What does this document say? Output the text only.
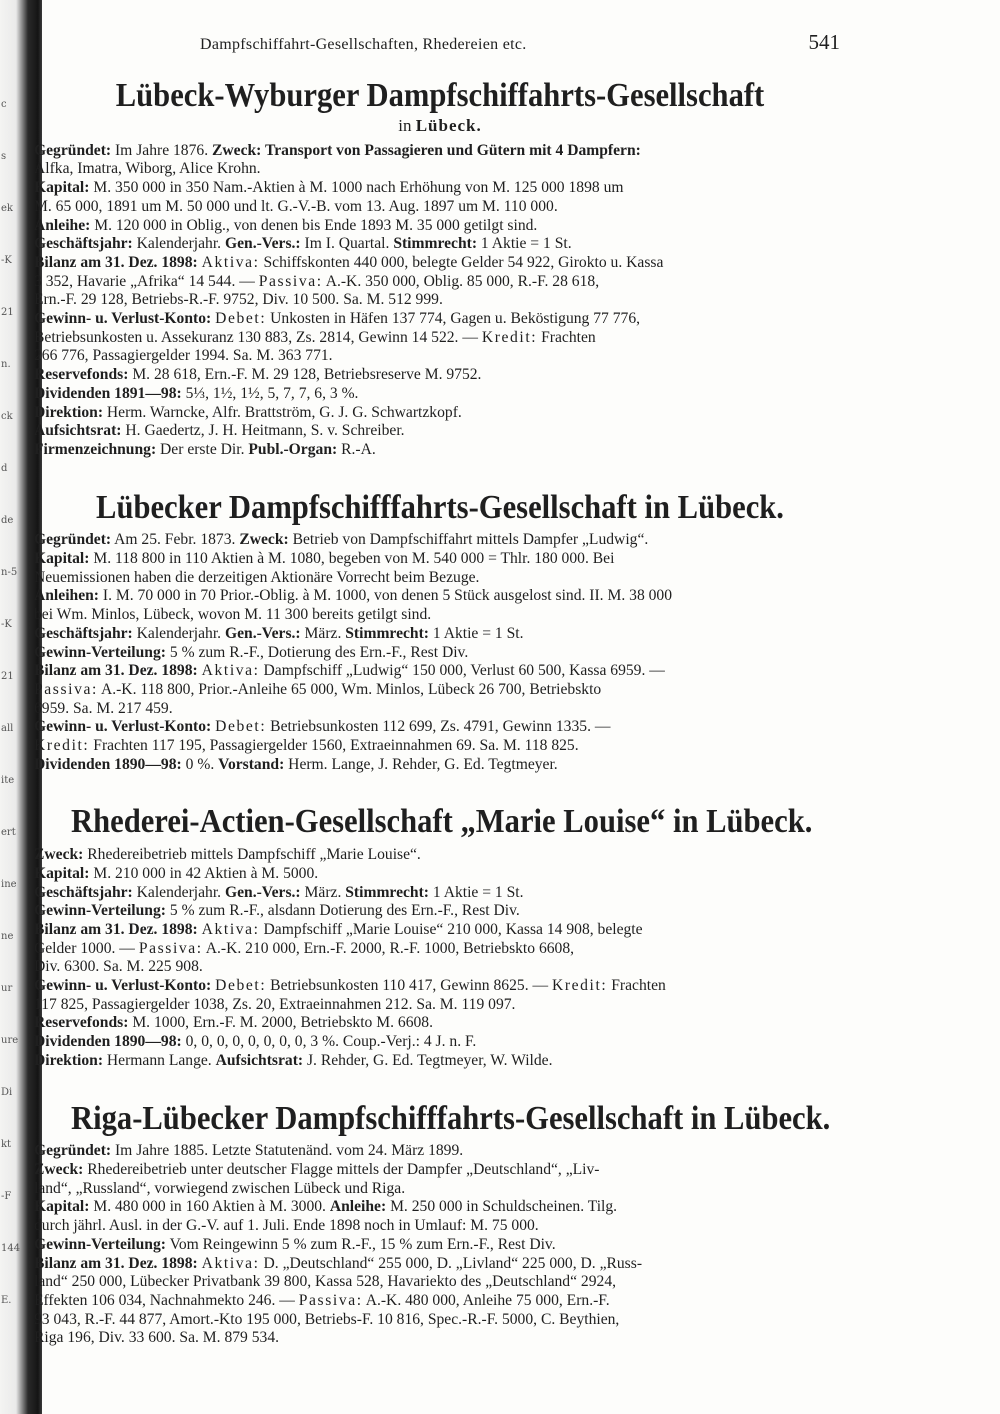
c
s
ek
-K
21
n.
ck
d
de
n-5
-K
21
all
ite
ert
ine
ne
ur
ure
Di
kt
-F
144
E.
Dampfschiffahrt-Gesellschaften, Rhedereien etc.	541
Lübeck-Wyburger Dampfschiffahrts-Gesellschaft
in Lübeck.
Gegründet: Im Jahre 1876. Zweck: Transport von Passagieren und Gütern mit 4 Dampfern:
Alfka, Imatra, Wiborg, Alice Krohn.
Kapital: M. 350 000 in 350 Nam.-Aktien à M. 1000 nach Erhöhung von M. 125 000 1898 um
M. 65 000, 1891 um M. 50 000 und lt. G.-V.-B. vom 13. Aug. 1897 um M. 110 000.
Anleihe: M. 120 000 in Oblig., von denen bis Ende 1893 M. 35 000 getilgt sind.
Geschäftsjahr: Kalenderjahr. Gen.-Vers.: Im I. Quartal. Stimmrecht: 1 Aktie = 1 St.
Bilanz am 31. Dez. 1898: Aktiva: Schiffskonten 440 000, belegte Gelder 54 922, Girokto u. Kassa
3 352, Havarie „Afrika“ 14 544. — Passiva: A.-K. 350 000, Oblig. 85 000, R.-F. 28 618,
Ern.-F. 29 128, Betriebs-R.-F. 9752, Div. 10 500. Sa. M. 512 999.
Gewinn- u. Verlust-Konto: Debet: Unkosten in Häfen 137 774, Gagen u. Beköstigung 77 776,
Betriebsunkosten u. Assekuranz 130 883, Zs. 2814, Gewinn 14 522. — Kredit: Frachten
266 776, Passagiergelder 1994. Sa. M. 363 771.
Reservefonds: M. 28 618, Ern.-F. M. 29 128, Betriebsreserve M. 9752.
Dividenden 1891—98: 5⅓, 1½, 1½, 5, 7, 7, 6, 3 %.
Direktion: Herm. Warncke, Alfr. Brattström, G. J. G. Schwartzkopf.
Aufsichtsrat: H. Gaedertz, J. H. Heitmann, S. v. Schreiber.
Firmenzeichnung: Der erste Dir. Publ.-Organ: R.-A.
Lübecker Dampfschifffahrts-Gesellschaft in Lübeck.
Gegründet: Am 25. Febr. 1873. Zweck: Betrieb von Dampfschiffahrt mittels Dampfer „Ludwig“.
Kapital: M. 118 800 in 110 Aktien à M. 1080, begeben von M. 540 000 = Thlr. 180 000. Bei
Neuemissionen haben die derzeitigen Aktionäre Vorrecht beim Bezuge.
Anleihen: I. M. 70 000 in 70 Prior.-Oblig. à M. 1000, von denen 5 Stück ausgelost sind. II. M. 38 000
bei Wm. Minlos, Lübeck, wovon M. 11 300 bereits getilgt sind.
Geschäftsjahr: Kalenderjahr. Gen.-Vers.: März. Stimmrecht: 1 Aktie = 1 St.
Gewinn-Verteilung: 5 % zum R.-F., Dotierung des Ern.-F., Rest Div.
Bilanz am 31. Dez. 1898: Aktiva: Dampfschiff „Ludwig“ 150 000, Verlust 60 500, Kassa 6959. —
Passiva: A.-K. 118 800, Prior.-Anleihe 65 000, Wm. Minlos, Lübeck 26 700, Betriebskto
6959. Sa. M. 217 459.
Gewinn- u. Verlust-Konto: Debet: Betriebsunkosten 112 699, Zs. 4791, Gewinn 1335. —
Kredit: Frachten 117 195, Passagiergelder 1560, Extraeinnahmen 69. Sa. M. 118 825.
Dividenden 1890—98: 0 %. Vorstand: Herm. Lange, J. Rehder, G. Ed. Tegtmeyer.
Rhederei-Actien-Gesellschaft „Marie Louise“ in Lübeck.
Zweck: Rhedereibetrieb mittels Dampfschiff „Marie Louise“.
Kapital: M. 210 000 in 42 Aktien à M. 5000.
Geschäftsjahr: Kalenderjahr. Gen.-Vers.: März. Stimmrecht: 1 Aktie = 1 St.
Gewinn-Verteilung: 5 % zum R.-F., alsdann Dotierung des Ern.-F., Rest Div.
Bilanz am 31. Dez. 1898: Aktiva: Dampfschiff „Marie Louise“ 210 000, Kassa 14 908, belegte
Gelder 1000. — Passiva: A.-K. 210 000, Ern.-F. 2000, R.-F. 1000, Betriebskto 6608,
Div. 6300. Sa. M. 225 908.
Gewinn- u. Verlust-Konto: Debet: Betriebsunkosten 110 417, Gewinn 8625. — Kredit: Frachten
117 825, Passagiergelder 1038, Zs. 20, Extraeinnahmen 212. Sa. M. 119 097.
Reservefonds: M. 1000, Ern.-F. M. 2000, Betriebskto M. 6608.
Dividenden 1890—98: 0, 0, 0, 0, 0, 0, 0, 0, 3 %. Coup.-Verj.: 4 J. n. F.
Direktion: Hermann Lange. Aufsichtsrat: J. Rehder, G. Ed. Tegtmeyer, W. Wilde.
Riga-Lübecker Dampfschifffahrts-Gesellschaft in Lübeck.
Gegründet: Im Jahre 1885. Letzte Statutenänd. vom 24. März 1899.
Zweck: Rhedereibetrieb unter deutscher Flagge mittels der Dampfer „Deutschland“, „Liv-
land“, „Russland“, vorwiegend zwischen Lübeck und Riga.
Kapital: M. 480 000 in 160 Aktien à M. 3000. Anleihe: M. 250 000 in Schuldscheinen. Tilg.
durch jährl. Ausl. in der G.-V. auf 1. Juli. Ende 1898 noch in Umlauf: M. 75 000.
Gewinn-Verteilung: Vom Reingewinn 5 % zum R.-F., 15 % zum Ern.-F., Rest Div.
Bilanz am 31. Dez. 1898: Aktiva: D. „Deutschland“ 255 000, D. „Livland“ 225 000, D. „Russ-
land“ 250 000, Lübecker Privatbank 39 800, Kassa 528, Havariekto des „Deutschland“ 2924,
Effekten 106 034, Nachnahmekto 246. — Passiva: A.-K. 480 000, Anleihe 75 000, Ern.-F.
93 043, R.-F. 44 877, Amort.-Kto 195 000, Betriebs-F. 10 816, Spec.-R.-F. 5000, C. Beythien,
Riga 196, Div. 33 600. Sa. M. 879 534.
